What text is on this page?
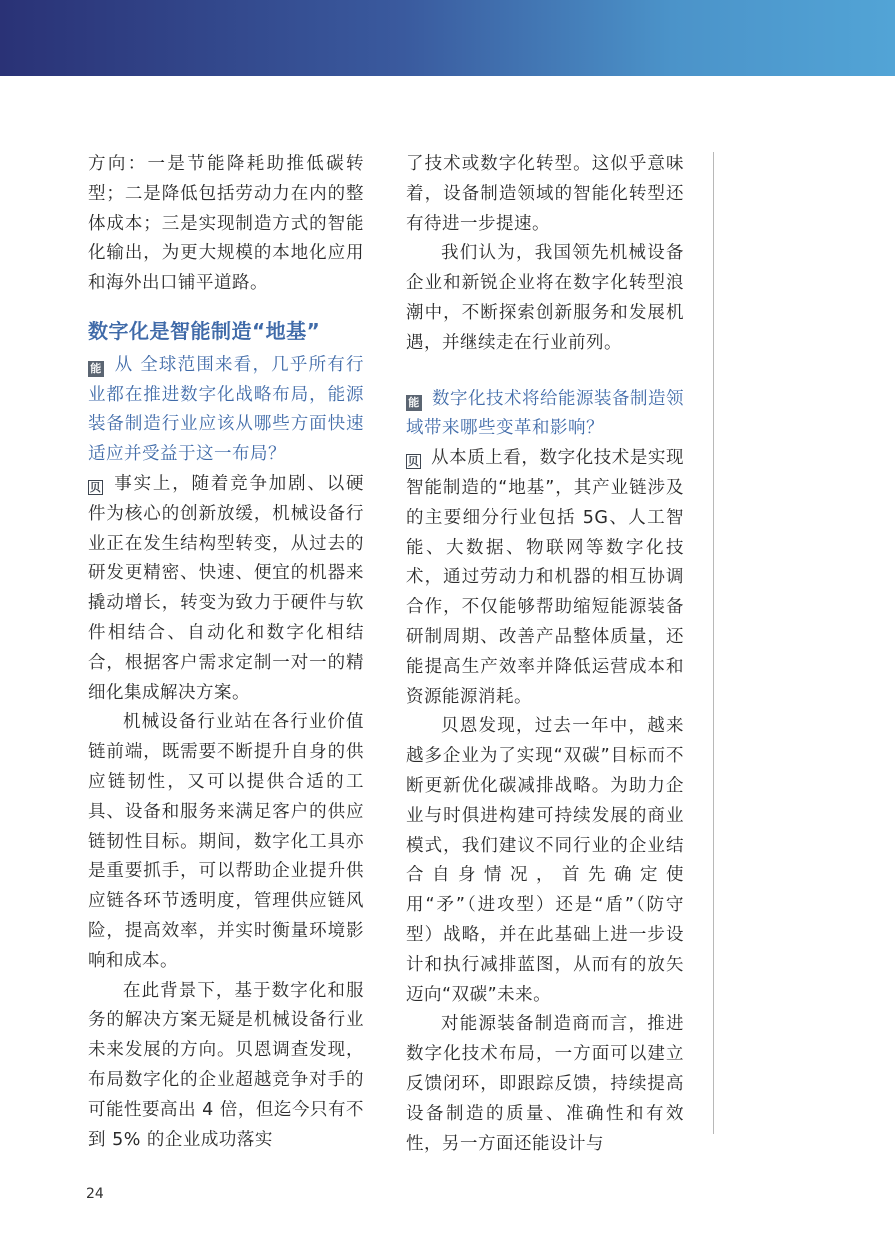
方向：一是节能降耗助推低碳转型；二是降低包括劳动力在内的整体成本；三是实现制造方式的智能化输出，为更大规模的本地化应用和海外出口铺平道路。

数字化是智能制造“地基”

能 从 全球范围来看，几乎所有行业都在推进数字化战略布局，能源装备制造行业应该从哪些方面快速适应并受益于这一布局？

贝 事实上，随着竞争加剧、以硬件为核心的创新放缓，机械设备行业正在发生结构型转变，从过去的研发更精密、快速、便宜的机器来撬动增长，转变为致力于硬件与软件相结合、自动化和数字化相结合，根据客户需求定制一对一的精细化集成解决方案。

机械设备行业站在各行业价值链前端，既需要不断提升自身的供应链韧性，又可以提供合适的工具、设备和服务来满足客户的供应链韧性目标。期间，数字化工具亦是重要抓手，可以帮助企业提升供应链各环节透明度，管理供应链风险，提高效率，并实时衡量环境影响和成本。

在此背景下，基于数字化和服务的解决方案无疑是机械设备行业未来发展的方向。贝恩调查发现，布局数字化的企业超越竞争对手的可能性要高出 4 倍，但迄今只有不到 5% 的企业成功落实

了技术或数字化转型。这似乎意味着，设备制造领域的智能化转型还有待进一步提速。

我们认为，我国领先机械设备企业和新锐企业将在数字化转型浪潮中，不断探索创新服务和发展机遇，并继续走在行业前列。

能 数字化技术将给能源装备制造领域带来哪些变革和影响？

贝 从本质上看，数字化技术是实现智能制造的“地基”，其产业链涉及的主要细分行业包括 5G、人工智能、大数据、物联网等数字化技术，通过劳动力和机器的相互协调合作，不仅能够帮助缩短能源装备研制周期、改善产品整体质量，还能提高生产效率并降低运营成本和资源能源消耗。

贝恩发现，过去一年中，越来越多企业为了实现“双碳”目标而不断更新优化碳减排战略。为助力企业与时俱进构建可持续发展的商业模式，我们建议不同行业的企业结合自身情况，首先确定使用“矛”（进攻型）还是“盾”（防守型）战略，并在此基础上进一步设计和执行减排蓝图，从而有的放矢迈向“双碳”未来。

对能源装备制造商而言，推进数字化技术布局，一方面可以建立反馈闭环，即跟踪反馈，持续提高设备制造的质量、准确性和有效性，另一方面还能设计与

24
